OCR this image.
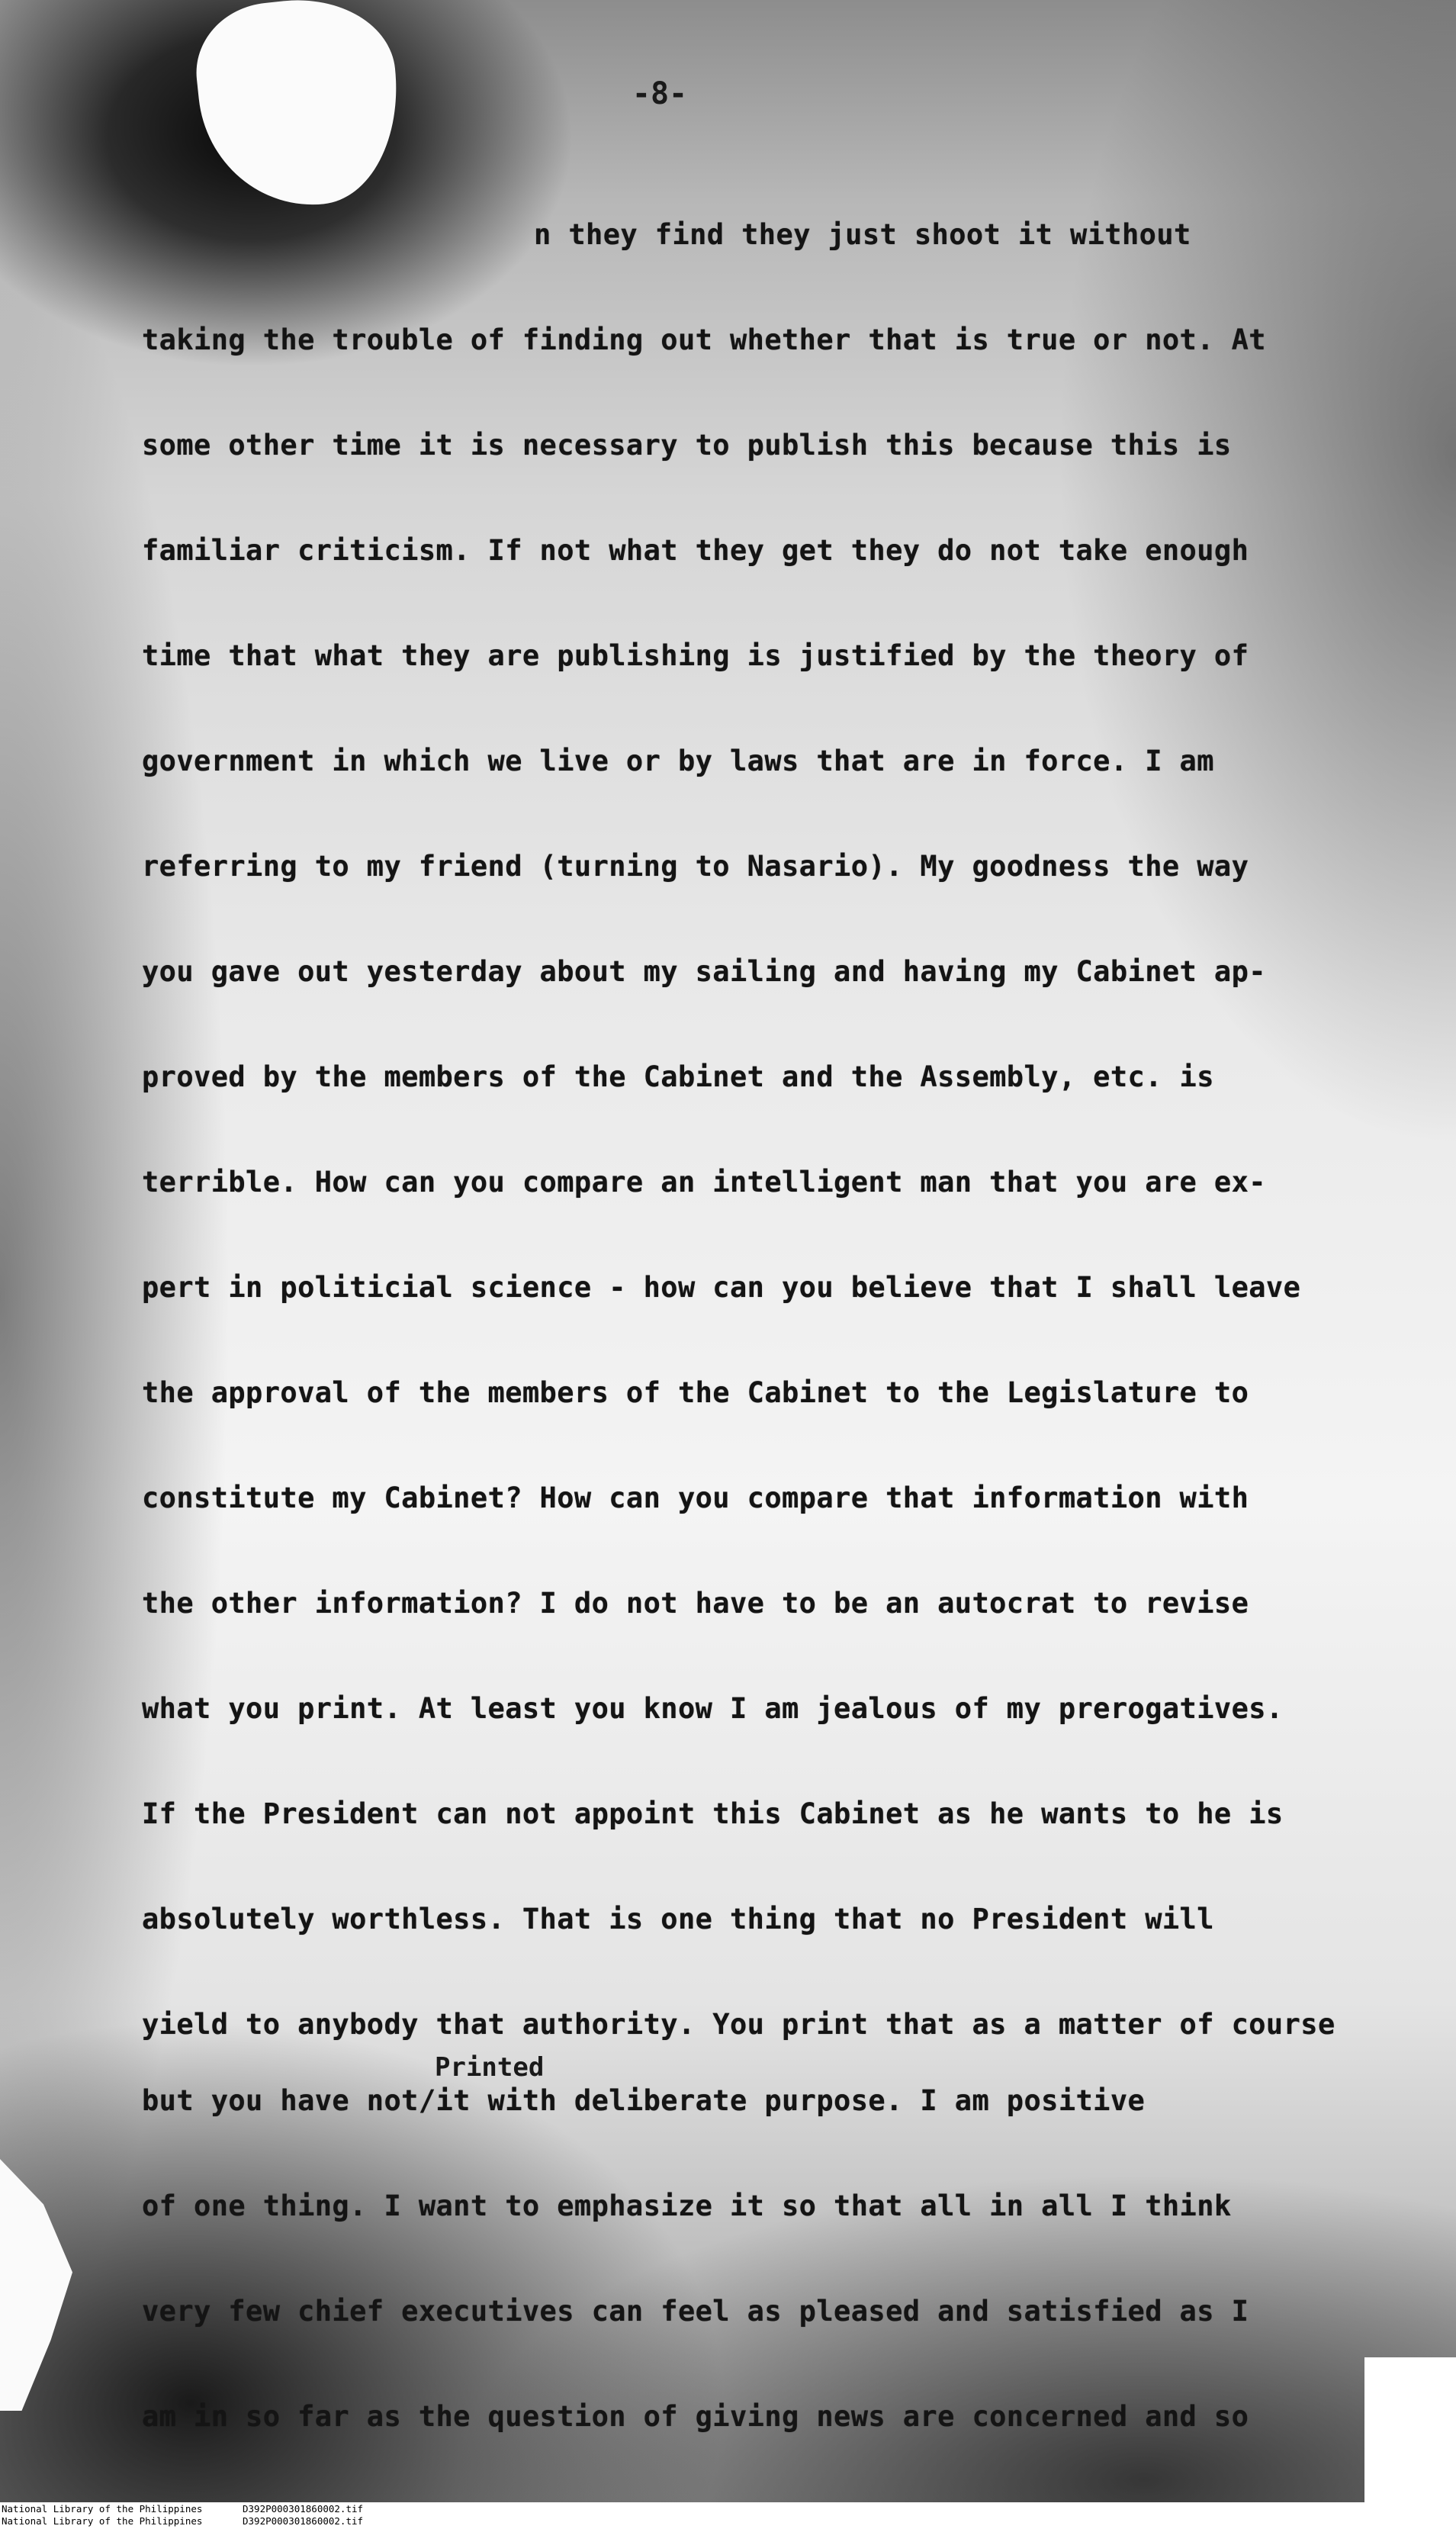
-8-
n they find they just shoot it without
taking the trouble of finding out whether that is true or not. At
some other time it is necessary to publish this because this is
familiar criticism. If not what they get they do not take enough
time that what they are publishing is justified by the theory of
government in which we live or by laws that are in force. I am
referring to my friend (turning to Nasario). My goodness the way
you gave out yesterday about my sailing and having my Cabinet ap-
proved by the members of the Cabinet and the Assembly, etc. is
terrible. How can you compare an intelligent man that you are ex-
pert in politicial science - how can you believe that I shall leave
the approval of the members of the Cabinet to the Legislature to
constitute my Cabinet? How can you compare that information with
the other information? I do not have to be an autocrat to revise
what you print. At least you know I am jealous of my prerogatives.
If the President can not appoint this Cabinet as he wants to he is
absolutely worthless. That is one thing that no President will
yield to anybody that authority. You print that as a matter of course
Printed
but you have not/it with deliberate purpose. I am positive
of one thing. I want to emphasize it so that all in all I think
very few chief executives can feel as pleased and satisfied as I
am in so far as the question of giving news are concerned and so
National Library of the Philippines	D392P000301860002.tif
National Library of the Philippines	D392P000301860002.tif
